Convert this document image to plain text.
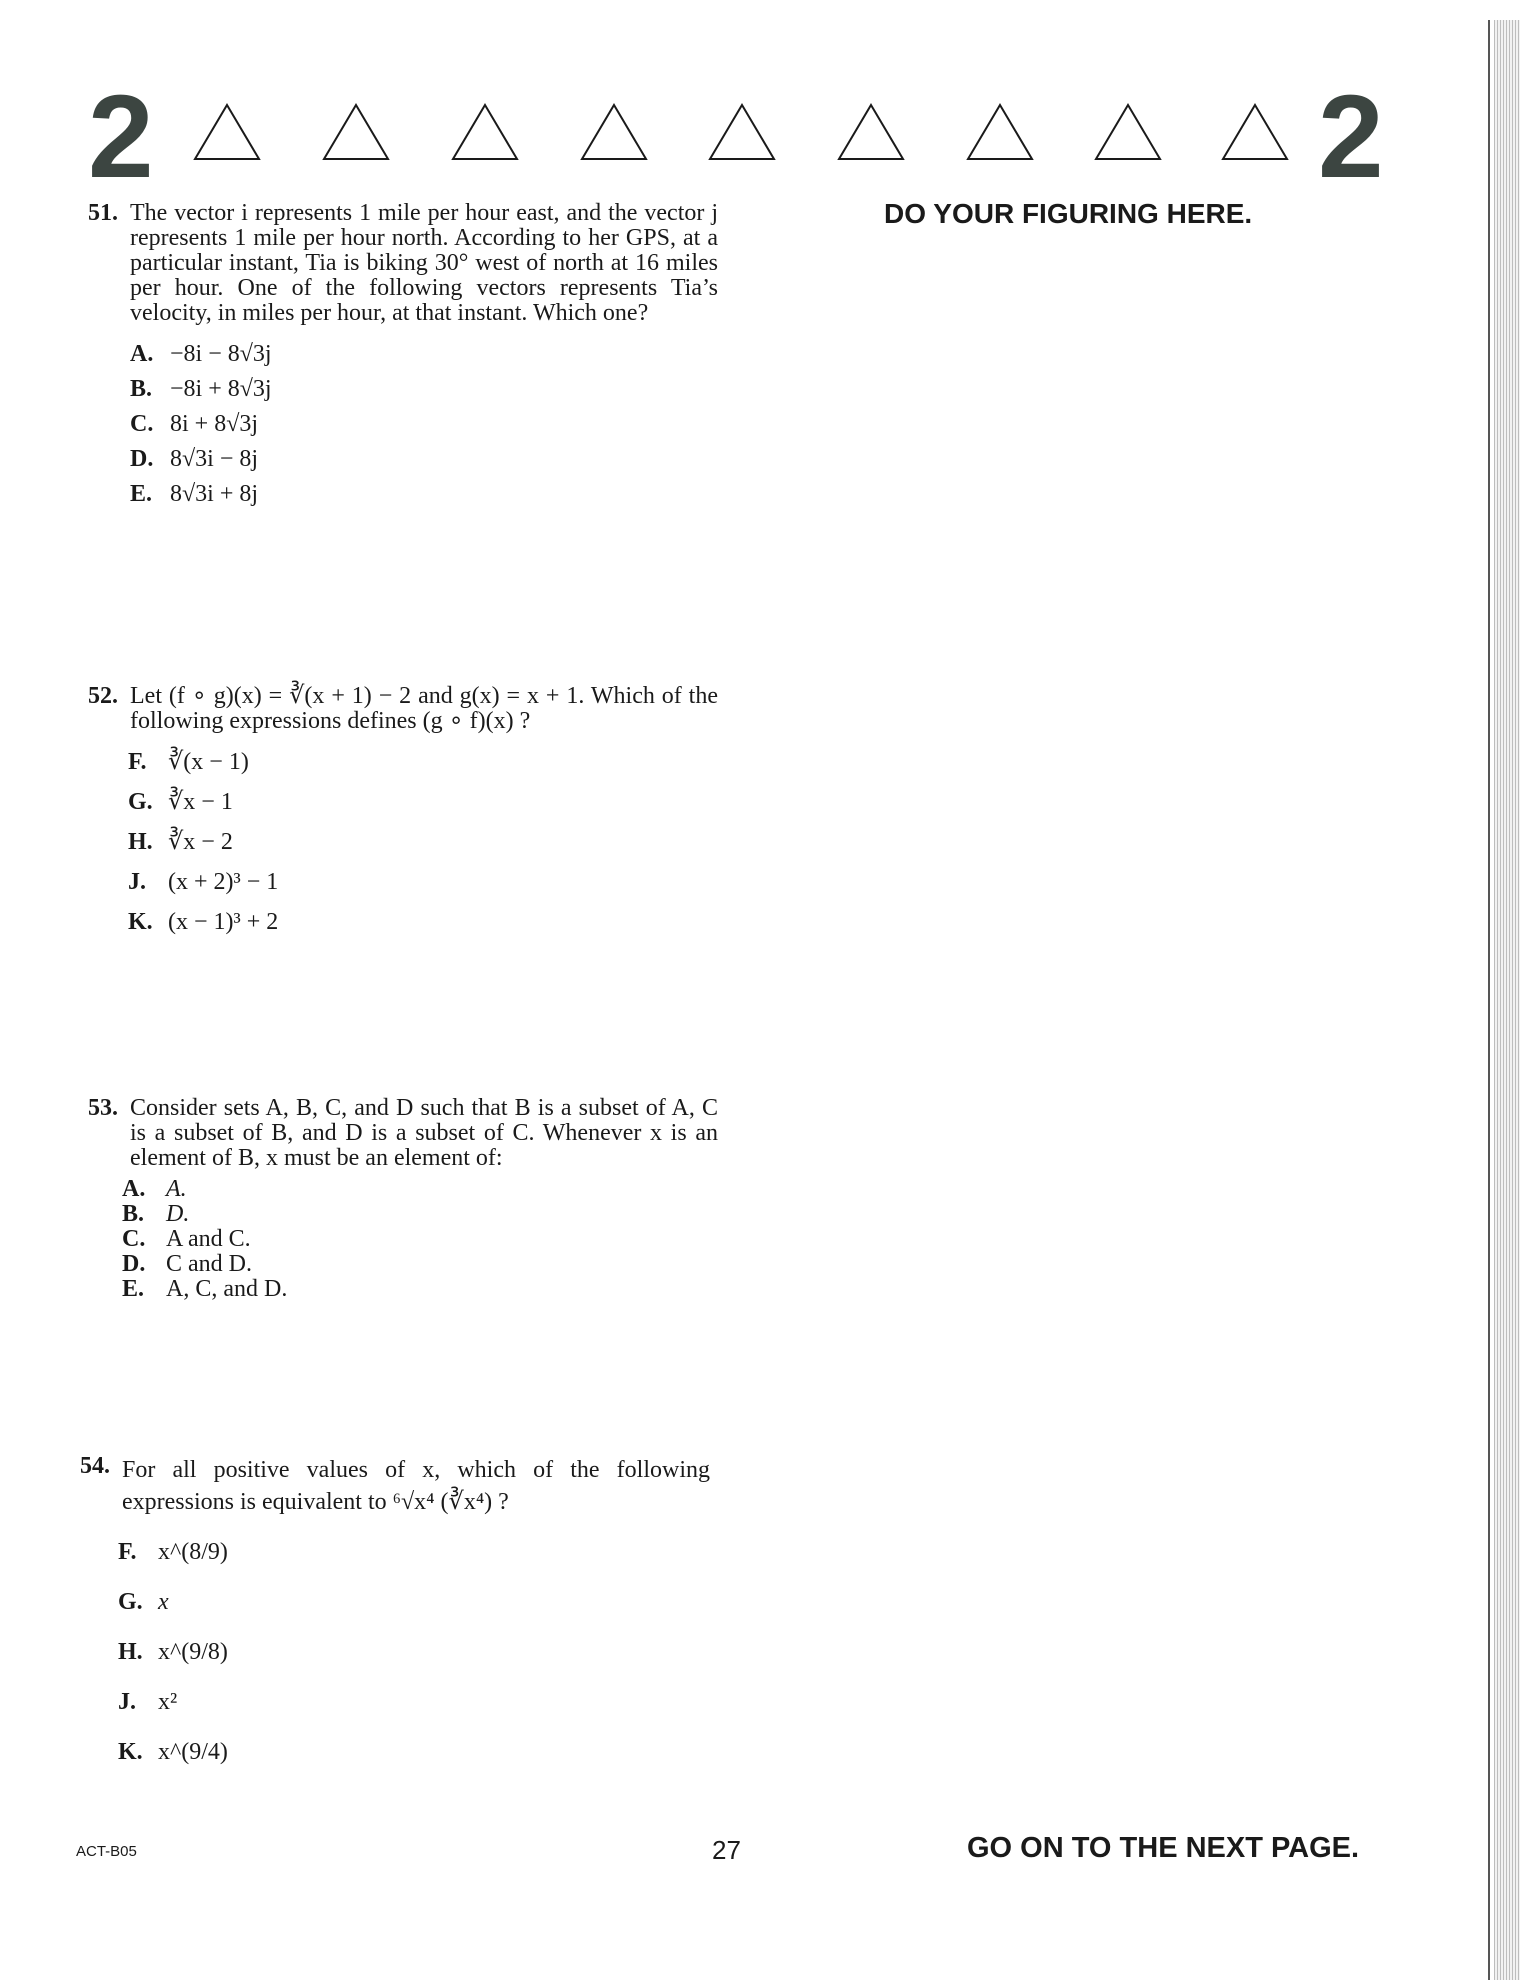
2	2
DO YOUR FIGURING HERE.
51. The vector i represents 1 mile per hour east, and the vector j represents 1 mile per hour north. According to her GPS, at a particular instant, Tia is biking 30° west of north at 16 miles per hour. One of the following vectors represents Tia’s velocity, in miles per hour, at that instant. Which one?
A. −8i − 8√3j
B. −8i + 8√3j
C. 8i + 8√3j
D. 8√3i − 8j
E. 8√3i + 8j
52. Let (f ∘ g)(x) = ∛(x + 1) − 2 and g(x) = x + 1. Which of the following expressions defines (g ∘ f)(x) ?
F. ∛(x − 1)
G. ∛x − 1
H. ∛x − 2
J. (x + 2)³ − 1
K. (x − 1)³ + 2
53. Consider sets A, B, C, and D such that B is a subset of A, C is a subset of B, and D is a subset of C. Whenever x is an element of B, x must be an element of:
A. A.
B. D.
C. A and C.
D. C and D.
E. A, C, and D.
54. For all positive values of x, which of the following expressions is equivalent to ⁶√x⁴ (∛x⁴) ?
F. x^(8/9)
G. x
H. x^(9/8)
J. x²
K. x^(9/4)
ACT-B05	27	GO ON TO THE NEXT PAGE.
